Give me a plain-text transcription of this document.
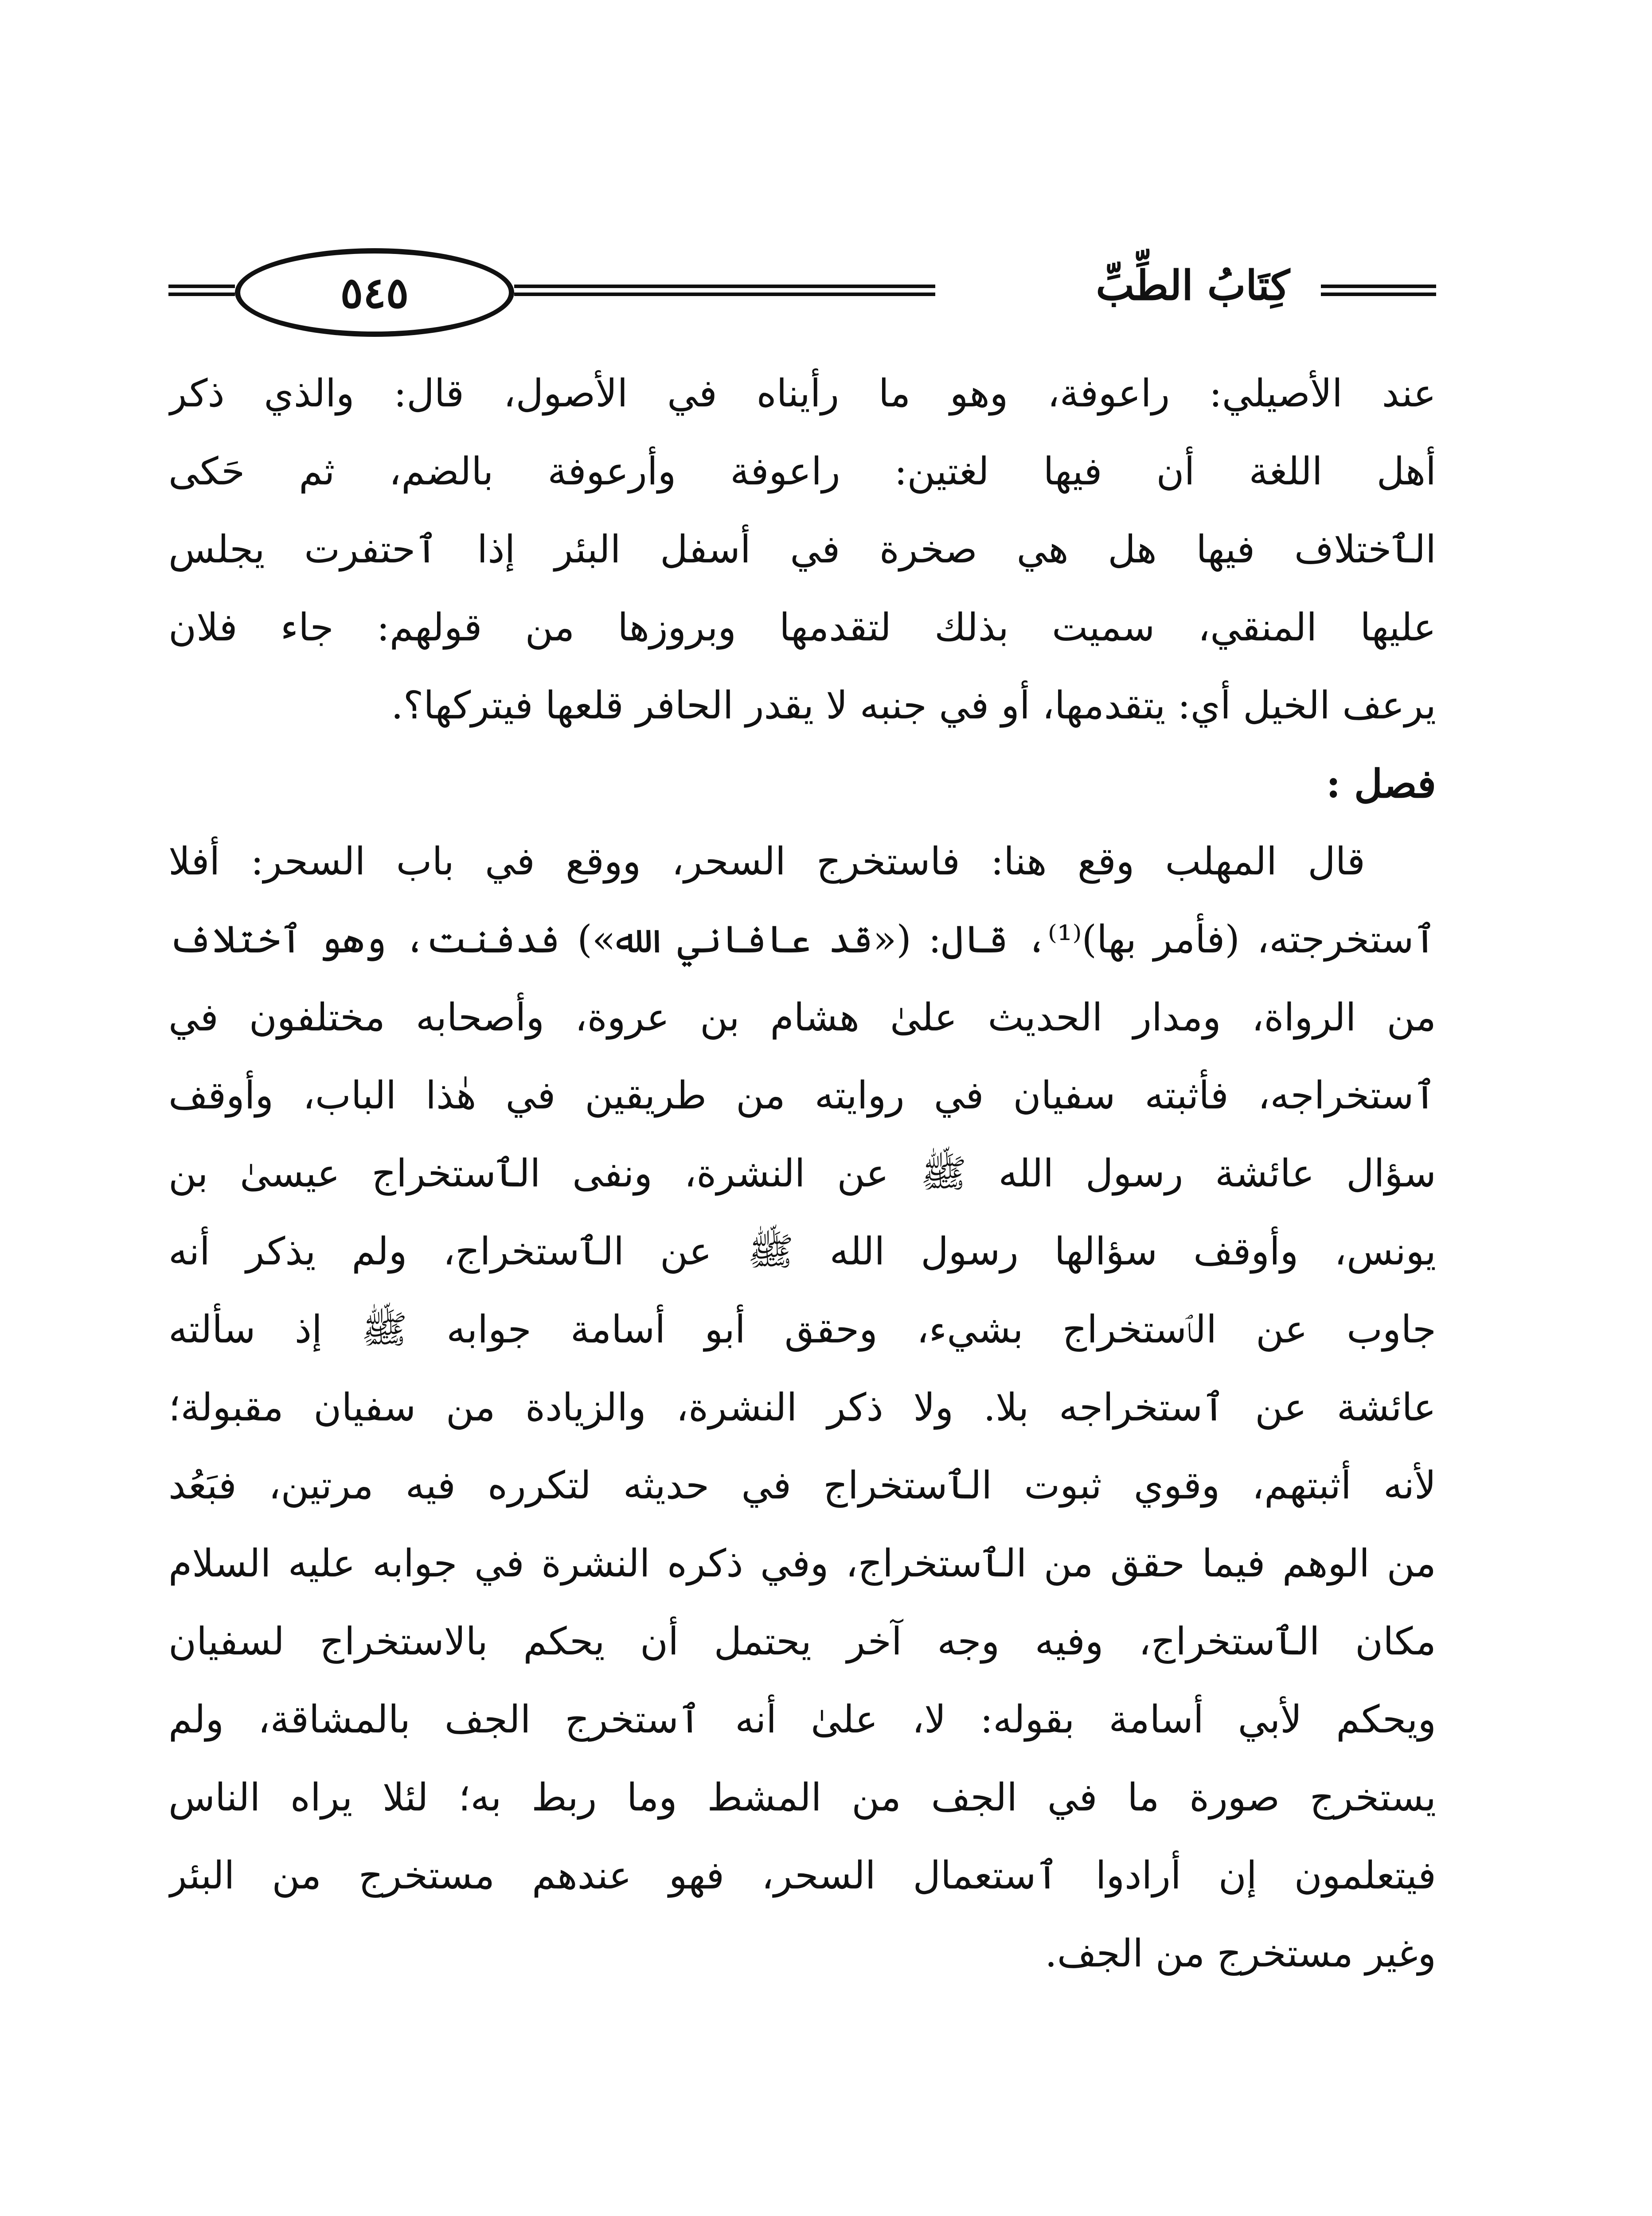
كِتَابُ الطِّبِّ
٥٤٥
عند الأصيلي: راعوفة، وهو ما رأيناه في الأصول، قال: والذي ذكر
أهل اللغة أن فيها لغتين: راعوفة وأرعوفة بالضم، ثم حَكى
الٱختلاف فيها هل هي صخرة في أسفل البئر إذا ٱحتفرت يجلس
عليها المنقي، سميت بذلك لتقدمها وبروزها من قولهم: جاء فلان
يرعف الخيل أي: يتقدمها، أو في جنبه لا يقدر الحافر قلعها فيتركها؟.
فصل :
قال المهلب وقع هنا: فاستخرج السحر، ووقع في باب السحر: أفلا
ٱستخرجته، (فأمر بها)⁽¹⁾، قال: («قد عافاني الله») فدفنت، وهو ٱختلاف
من الرواة، ومدار الحديث علىٰ هشام بن عروة، وأصحابه مختلفون في
ٱستخراجه، فأثبته سفيان في روايته من طريقين في هٰذا الباب، وأوقف
سؤال عائشة رسول الله ﷺ عن النشرة، ونفى الٱستخراج عيسىٰ بن
يونس، وأوقف سؤالها رسول الله ﷺ عن الٱستخراج، ولم يذكر أنه
جاوب عن الٱستخراج بشيء، وحقق أبو أسامة جوابه ﷺ إذ سألته
عائشة عن ٱستخراجه بلا. ولا ذكر النشرة، والزيادة من سفيان مقبولة؛
لأنه أثبتهم، وقوي ثبوت الٱستخراج في حديثه لتكرره فيه مرتين، فبَعُد
من الوهم فيما حقق من الٱستخراج، وفي ذكره النشرة في جوابه عليه السلام
مكان الٱستخراج، وفيه وجه آخر يحتمل أن يحكم بالاستخراج لسفيان
ويحكم لأبي أسامة بقوله: لا، علىٰ أنه ٱستخرج الجف بالمشاقة، ولم
يستخرج صورة ما في الجف من المشط وما ربط به؛ لئلا يراه الناس
فيتعلمون إن أرادوا ٱستعمال السحر، فهو عندهم مستخرج من البئر
وغير مستخرج من الجف.
